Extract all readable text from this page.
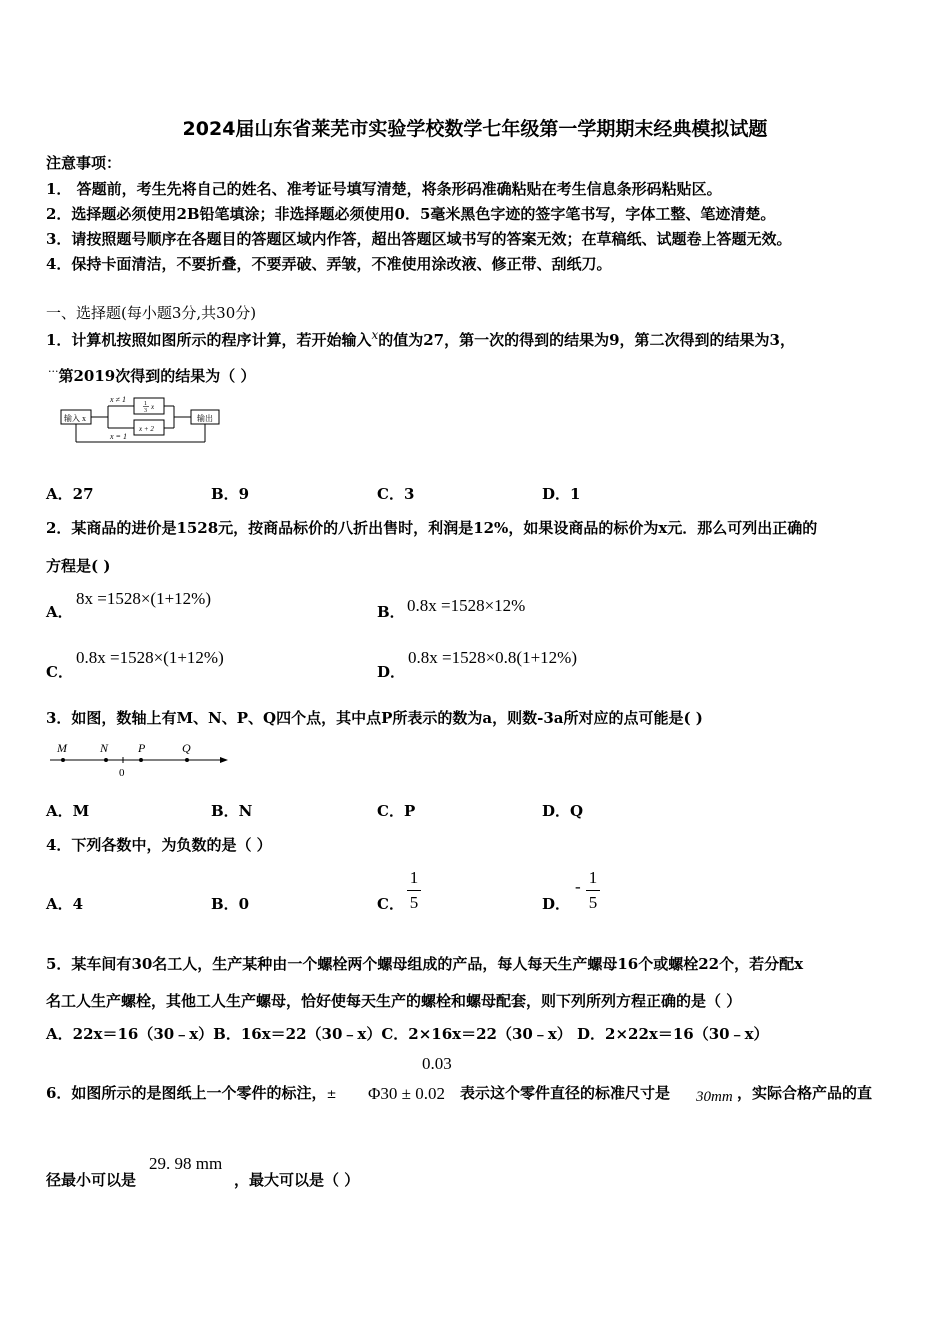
2024届山东省莱芜市实验学校数学七年级第一学期期末经典模拟试题
注意事项：
1． 答题前，考生先将自己的姓名、准考证号填写清楚，将条形码准确粘贴在考生信息条形码粘贴区。
2．选择题必须使用2B铅笔填涂；非选择题必须使用0．5毫米黑色字迹的签字笔书写，字体工整、笔迹清楚。
3．请按照题号顺序在各题目的答题区域内作答，超出答题区域书写的答案无效；在草稿纸、试题卷上答题无效。
4．保持卡面清洁，不要折叠，不要弄破、弄皱，不准使用涂改液、修正带、刮纸刀。
一、选择题(每小题3分,共30分)
1．计算机按照如图所示的程序计算，若开始输入$^x$的值为27，第一次的得到的结果为9，第二次得到的结果为3，
···第2019次得到的结果为（ ）
输入 x
x ≠ 1	1
3 x
x + 2
输出
x = 1
A．27	B．9	C．3	D．1
2．某商品的进价是1528元，按商品标价的八折出售时，利润是12%，如果设商品的标价为x元．那么可列出正确的
方程是( )
A．
8x =1528×(1+12%)
B． 0.8x =1528×12%
C．
0.8x =1528×(1+12%)
D．
0.8x =1528×0.8(1+12%)
3．如图，数轴上有M、N、P、Q四个点，其中点P所表示的数为a，则数-3a所对应的点可能是( )
M	N P	Q
0
A．M	B．N	C．P	D．Q
4．下列各数中，为负数的是（ ）
A．4	B．0	C．
1
5	D．
- 1
5
5．某车间有30名工人，生产某种由一个螺栓两个螺母组成的产品，每人每天生产螺母16个或螺栓22个，若分配x
名工人生产螺栓，其他工人生产螺母，恰好使每天生产的螺栓和螺母配套，则下列所列方程正确的是（ ）
A．22x＝16（30﹣x）B．16x＝22（30﹣x）C．2×16x＝22（30﹣x） D．2×22x＝16（30﹣x）
0.03
6．如图所示的是图纸上一个零件的标注，± Φ30 ± 0.02 表示这个零件直径的标准尺寸是 30mm ，实际合格产品的直
径最小可以是
29. 98 mm
，最大可以是（ ）
